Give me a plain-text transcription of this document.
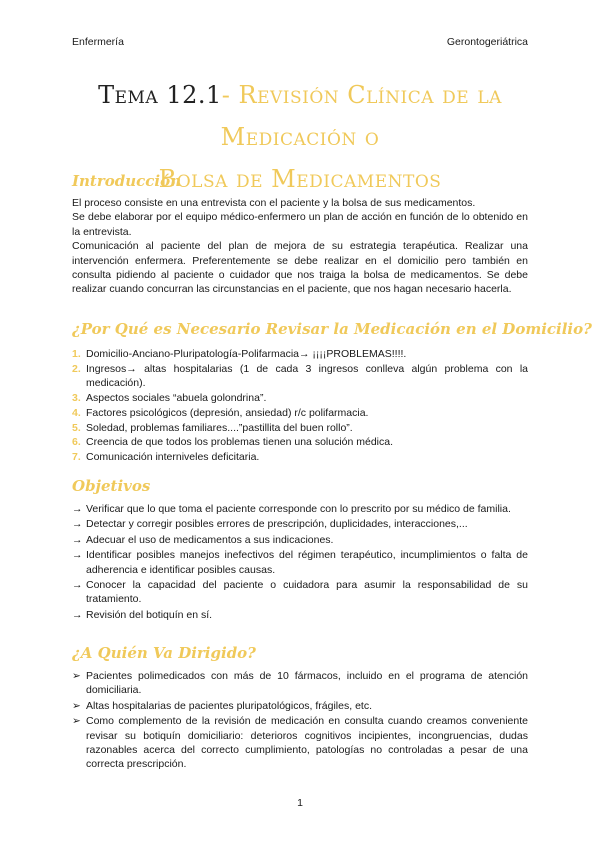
Enfermería	Gerontogeriátrica
Tema 12.1- Revisión Clínica de la Medicación o
Bolsa de Medicamentos
Introducción
El proceso consiste en una entrevista con el paciente y la bolsa de sus medicamentos.
Se debe elaborar por el equipo médico-enfermero un plan de acción en función de lo obtenido en la entrevista.
Comunicación al paciente del plan de mejora de su estrategia terapéutica. Realizar una intervención enfermera. Preferentemente se debe realizar en el domicilio pero también en consulta pidiendo al paciente o cuidador que nos traiga la bolsa de medicamentos. Se debe realizar cuando concurran las circunstancias en el paciente, que nos hagan necesario hacerla.
¿Por Qué es Necesario Revisar la Medicación en el Domicilio?
1. Domicilio-Anciano-Pluripatología-Polifarmacia→ ¡¡¡¡PROBLEMAS!!!!.
2. Ingresos→ altas hospitalarias (1 de cada 3 ingresos conlleva algún problema con la medicación).
3. Aspectos sociales “abuela golondrina”.
4. Factores psicológicos (depresión, ansiedad) r/c polifarmacia.
5. Soledad, problemas familiares....”pastillita del buen rollo”.
6. Creencia de que todos los problemas tienen una solución médica.
7. Comunicación interniveles deficitaria.
Objetivos
→ Verificar que lo que toma el paciente corresponde con lo prescrito por su médico de familia.
→ Detectar y corregir posibles errores de prescripción, duplicidades, interacciones,...
→ Adecuar el uso de medicamentos a sus indicaciones.
→ Identificar posibles manejos inefectivos del régimen terapéutico, incumplimientos o falta de adherencia e identificar posibles causas.
→ Conocer la capacidad del paciente o cuidadora para asumir la responsabilidad de su tratamiento.
→ Revisión del botiquín en sí.
¿A Quién Va Dirigido?
➢ Pacientes polimedicados con más de 10 fármacos, incluido en el programa de atención domiciliaria.
➢ Altas hospitalarias de pacientes pluripatológicos, frágiles, etc.
➢ Como complemento de la revisión de medicación en consulta cuando creamos conveniente revisar su botiquín domiciliario: deterioros cognitivos incipientes, incongruencias, dudas razonables acerca del correcto cumplimiento, patologías no controladas a pesar de una correcta prescripción.
1
